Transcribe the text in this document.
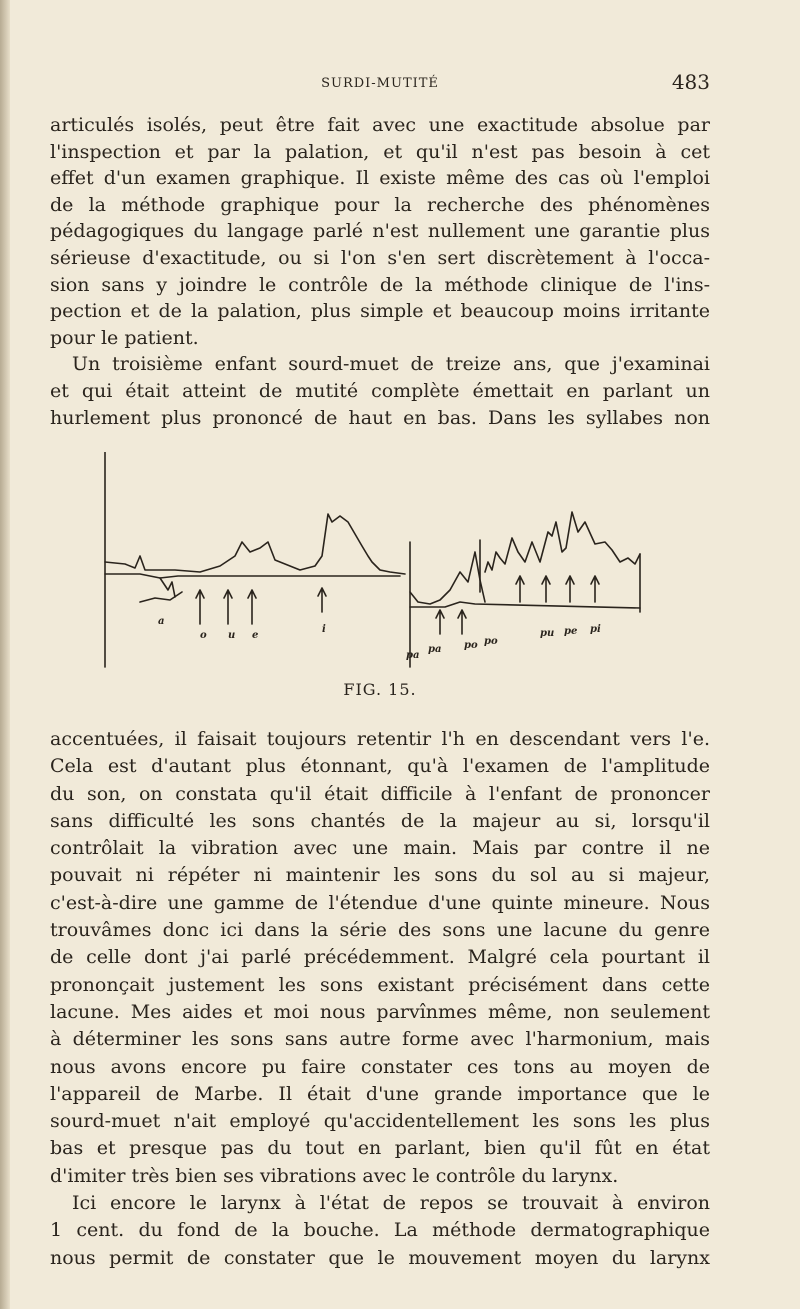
SURDI-MUTITÉ	483
articulés isolés, peut être fait avec une exactitude absolue par
l'inspection et par la palation, et qu'il n'est pas besoin à cet
effet d'un examen graphique. Il existe même des cas où l'emploi
de la méthode graphique pour la recherche des phénomènes
pédagogiques du langage parlé n'est nullement une garantie plus
sérieuse d'exactitude, ou si l'on s'en sert discrètement à l'occa-
sion sans y joindre le contrôle de la méthode clinique de l'ins-
pection et de la palation, plus simple et beaucoup moins irritante
pour le patient.
Un troisième enfant sourd-muet de treize ans, que j'examinai
et qui était atteint de mutité complète émettait en parlant un
hurlement plus prononcé de haut en bas. Dans les syllabes non
a
o u e
i
pa
pa po po
pu pe pi
FIG. 15.
accentuées, il faisait toujours retentir l'h en descendant vers l'e.
Cela est d'autant plus étonnant, qu'à l'examen de l'amplitude
du son, on constata qu'il était difficile à l'enfant de prononcer
sans difficulté les sons chantés de la majeur au si, lorsqu'il
contrôlait la vibration avec une main. Mais par contre il ne
pouvait ni répéter ni maintenir les sons du sol au si majeur,
c'est-à-dire une gamme de l'étendue d'une quinte mineure. Nous
trouvâmes donc ici dans la série des sons une lacune du genre
de celle dont j'ai parlé précédemment. Malgré cela pourtant il
prononçait justement les sons existant précisément dans cette
lacune. Mes aides et moi nous parvînmes même, non seulement
à déterminer les sons sans autre forme avec l'harmonium, mais
nous avons encore pu faire constater ces tons au moyen de
l'appareil de Marbe. Il était d'une grande importance que le
sourd-muet n'ait employé qu'accidentellement les sons les plus
bas et presque pas du tout en parlant, bien qu'il fût en état
d'imiter très bien ses vibrations avec le contrôle du larynx.
Ici encore le larynx à l'état de repos se trouvait à environ
1 cent. du fond de la bouche. La méthode dermatographique
nous permit de constater que le mouvement moyen du larynx
